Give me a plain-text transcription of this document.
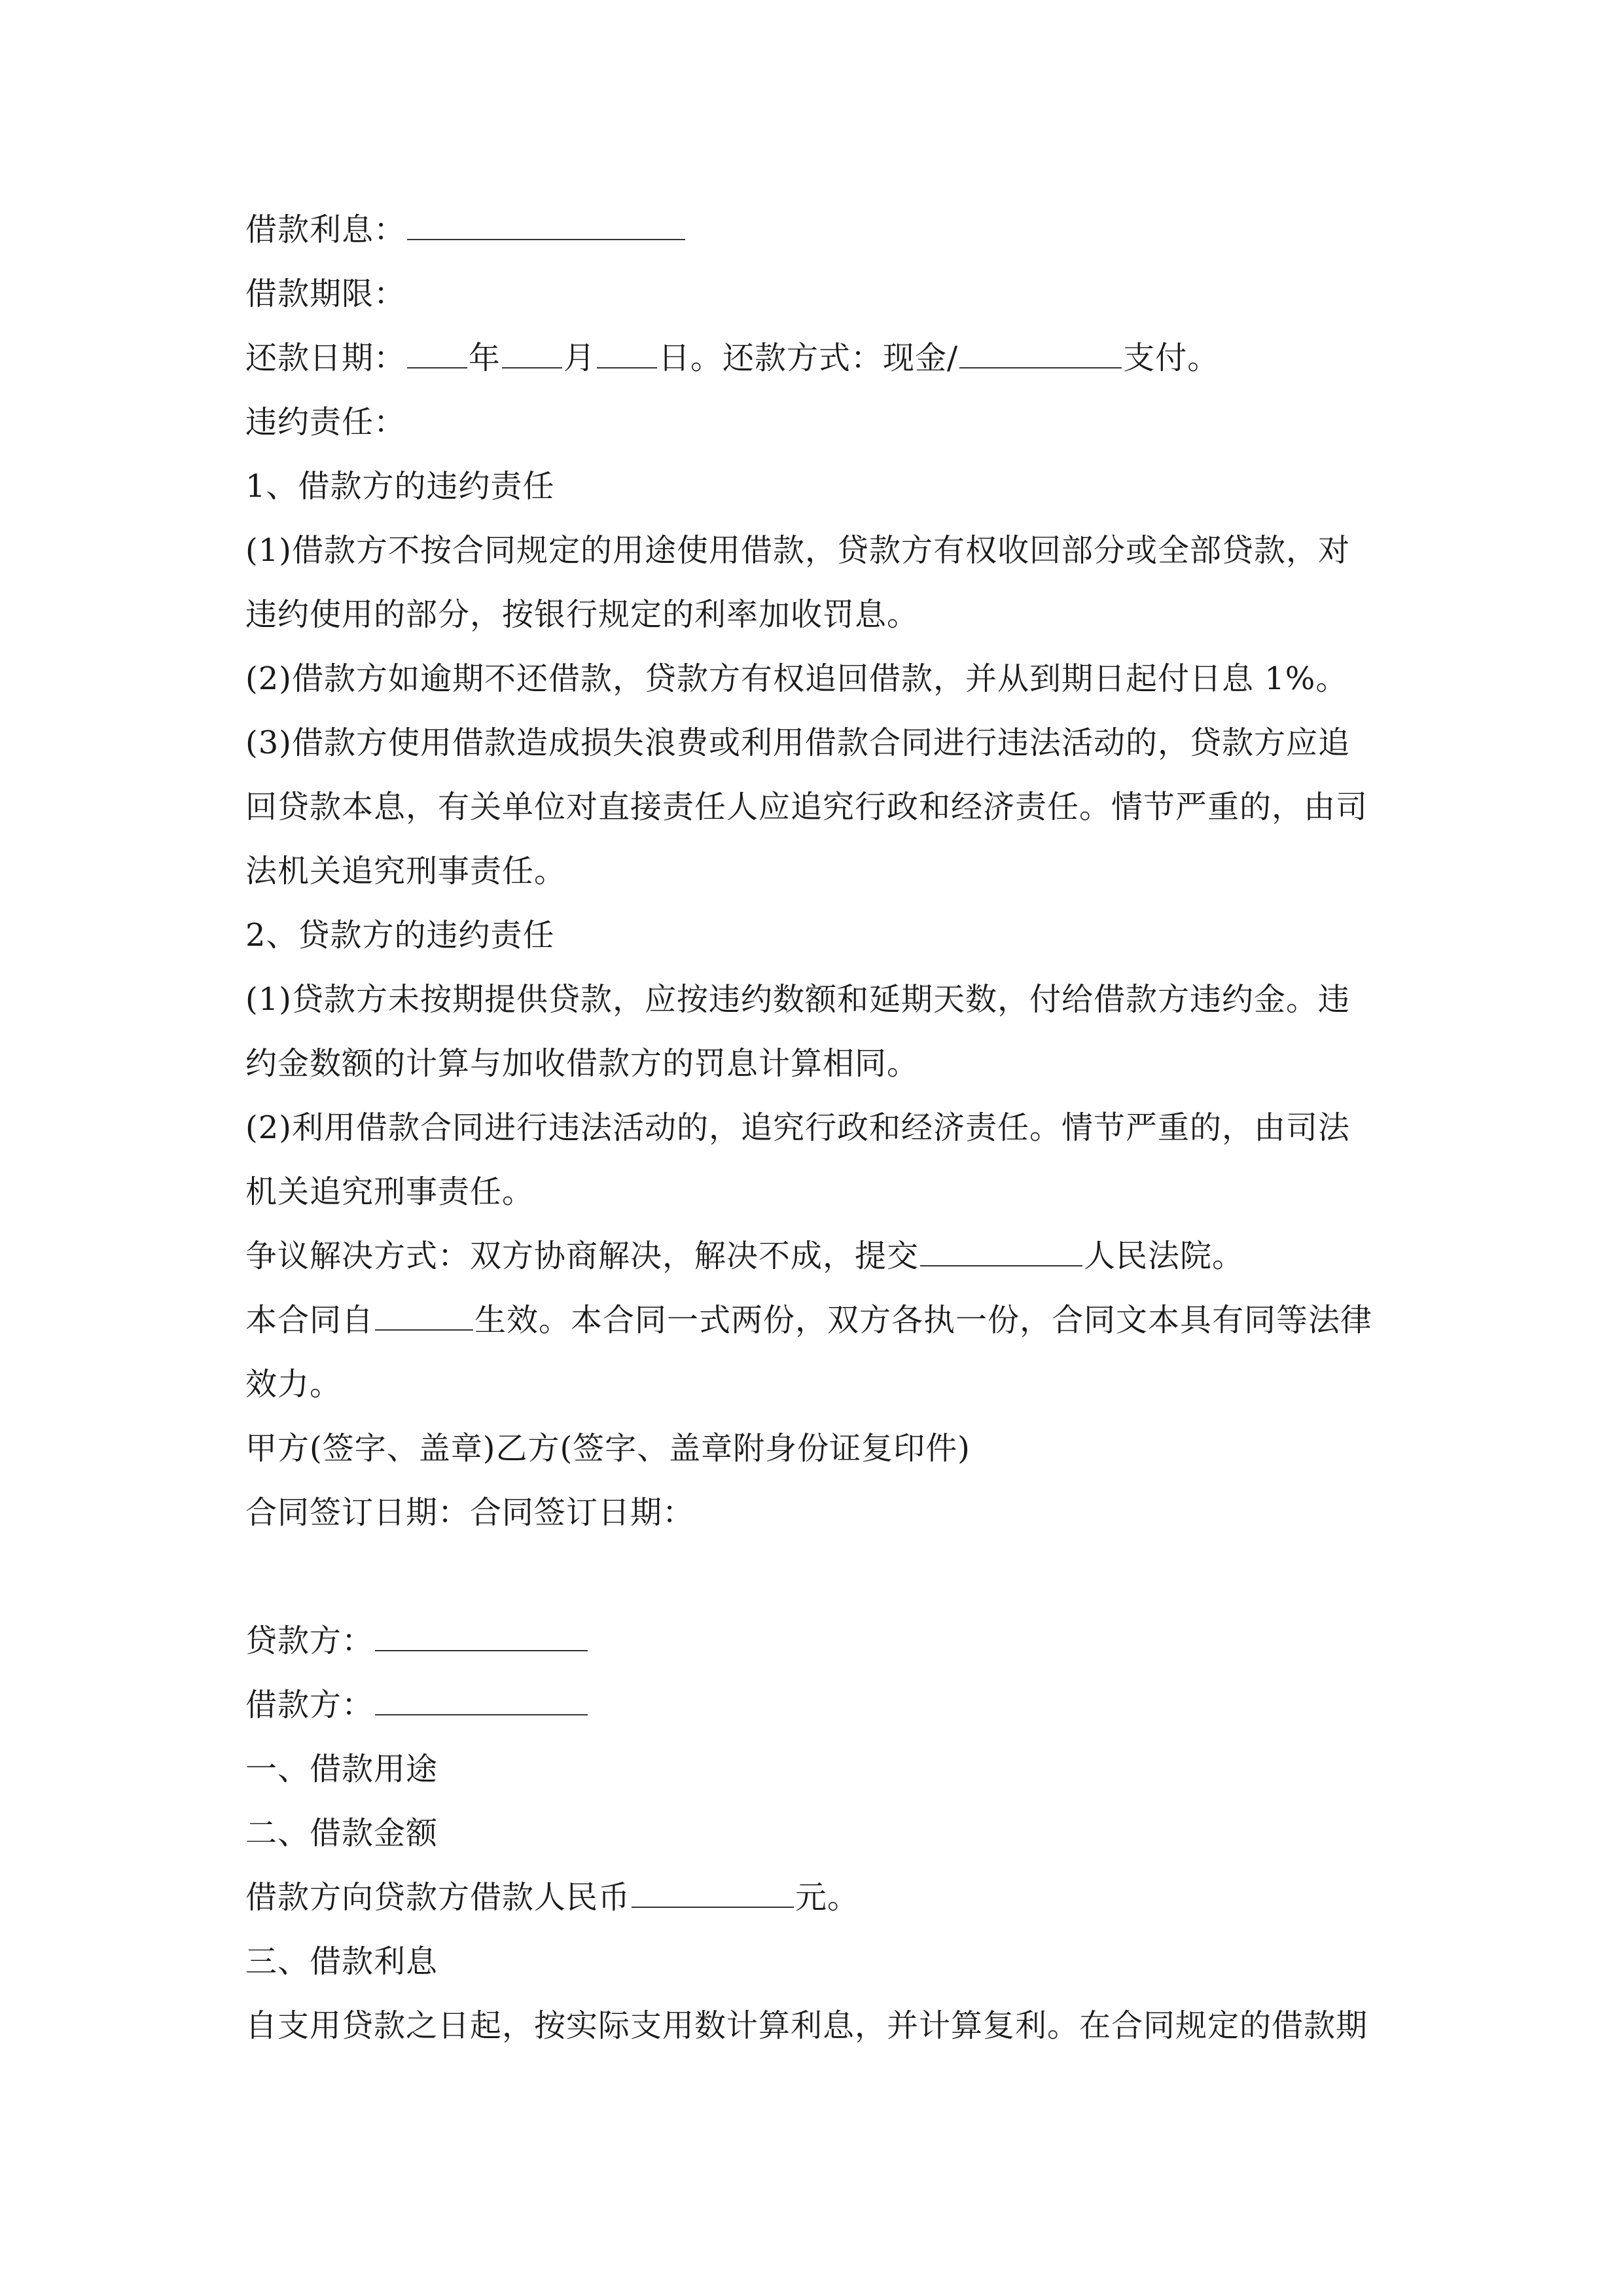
借款利息：
借款期限：
还款日期： 年 月 日。还款方式：现金/	支付。
违约责任：
1、借款方的违约责任
(1)借款方不按合同规定的用途使用借款，贷款方有权收回部分或全部贷款，对
违约使用的部分，按银行规定的利率加收罚息。
(2)借款方如逾期不还借款，贷款方有权追回借款，并从到期日起付日息 1%。
(3)借款方使用借款造成损失浪费或利用借款合同进行违法活动的，贷款方应追
回贷款本息，有关单位对直接责任人应追究行政和经济责任。情节严重的，由司
法机关追究刑事责任。
2、贷款方的违约责任
(1)贷款方未按期提供贷款，应按违约数额和延期天数，付给借款方违约金。违
约金数额的计算与加收借款方的罚息计算相同。
(2)利用借款合同进行违法活动的，追究行政和经济责任。情节严重的，由司法
机关追究刑事责任。
争议解决方式：双方协商解决，解决不成，提交	人民法院。
本合同自	生效。本合同一式两份，双方各执一份，合同文本具有同等法律
效力。
甲方(签字、盖章)乙方(签字、盖章附身份证复印件)
合同签订日期：合同签订日期：
贷款方：
借款方：
一、借款用途
二、借款金额
借款方向贷款方借款人民币	元。
三、借款利息
自支用贷款之日起，按实际支用数计算利息，并计算复利。在合同规定的借款期
